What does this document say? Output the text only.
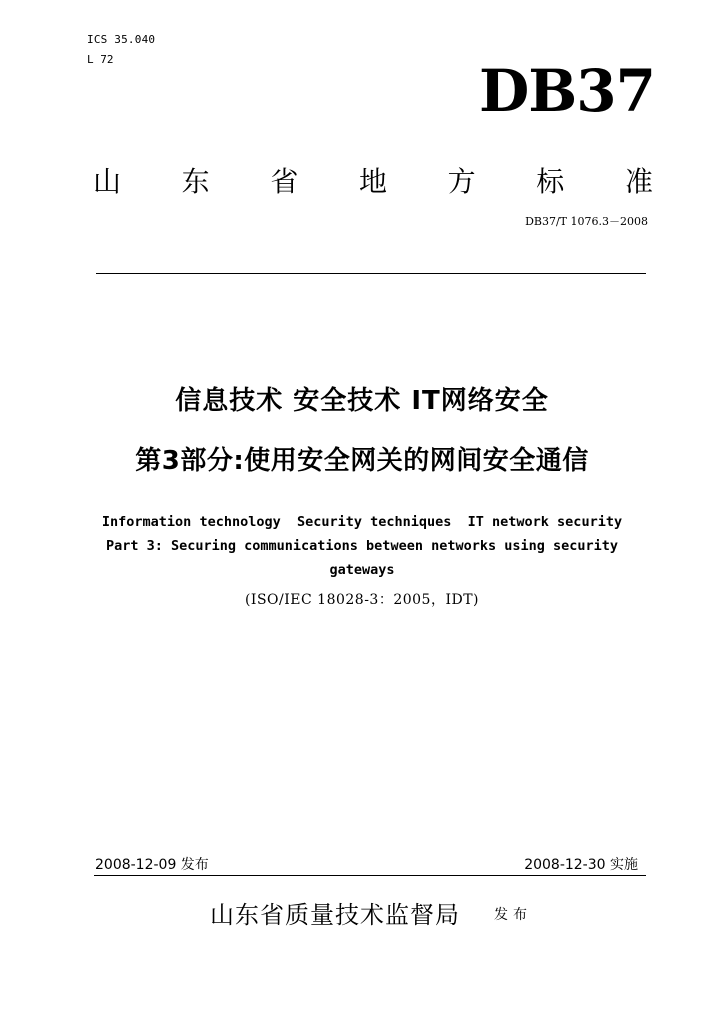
ICS 35.040
L 72	DB37
山 东 省 地 方 标 准
DB37/T 1076.3－2008
信息技术 安全技术 IT网络安全
第3部分:使用安全网关的网间安全通信
Information technology  Security techniques  IT network security
Part 3: Securing communications between networks using security
gateways
(ISO/IEC 18028-3：2005，IDT)
2008-12-09 发布	2008-12-30 实施
山东省质量技术监督局 发布
